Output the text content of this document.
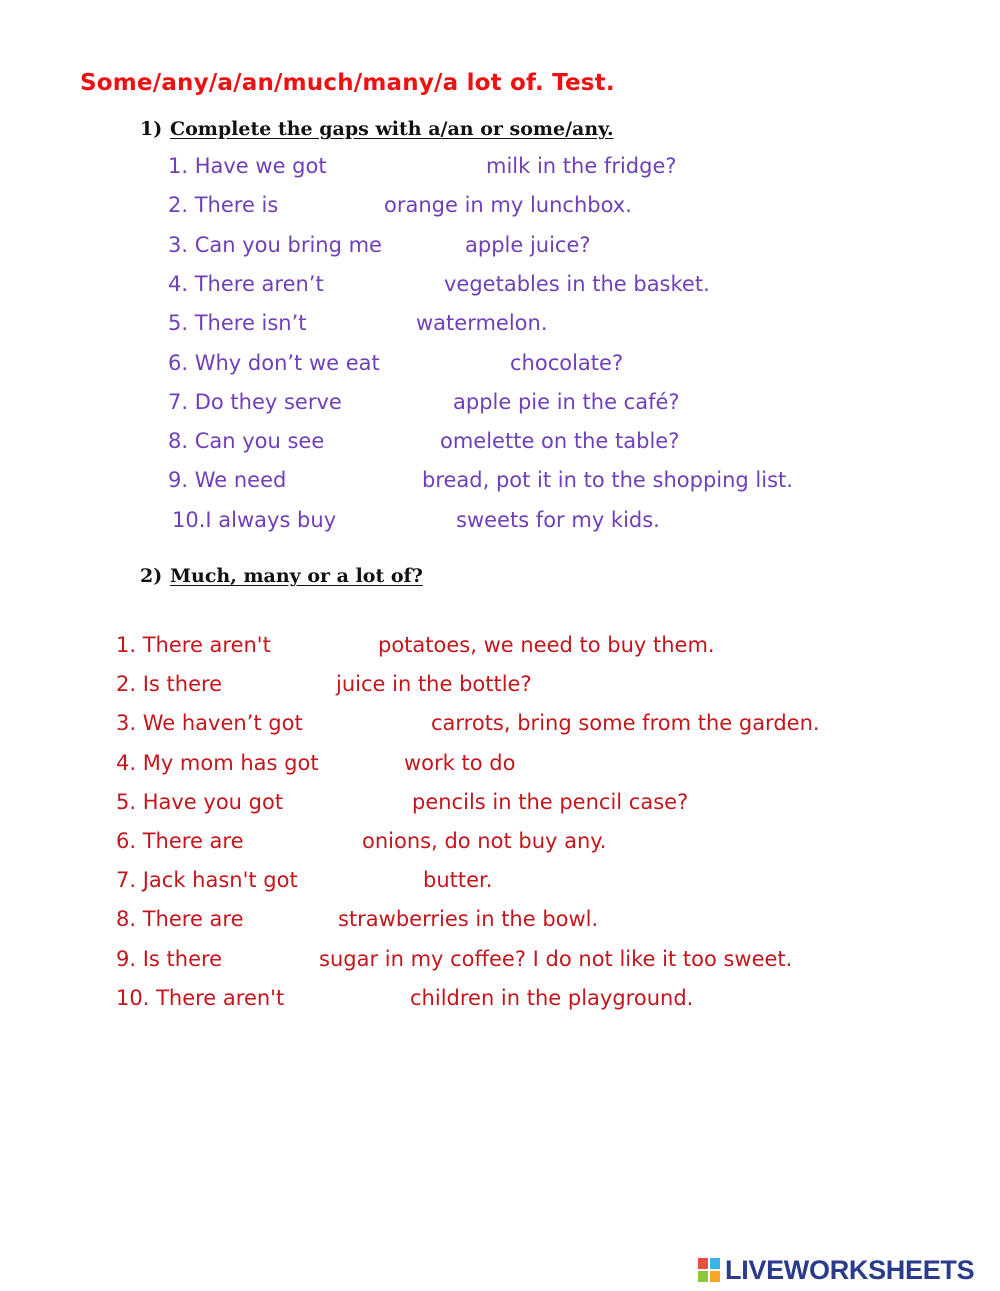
Some/any/a/an/much/many/a lot of. Test.
1) Complete the gaps with a/an or some/any.
1. Have we got	milk in the fridge?
2. There is	orange in my lunchbox.
3. Can you bring me	apple juice?
4. There aren’t	vegetables in the basket.
5. There isn’t	watermelon.
6. Why don’t we eat	chocolate?
7. Do they serve	apple pie in the café?
8. Can you see	omelette on the table?
9. We need	bread, pot it in to the shopping list.
10.I always buy	sweets for my kids.
2) Much, many or a lot of?
1. There aren't	potatoes, we need to buy them.
2. Is there	juice in the bottle?
3. We haven’t got	carrots, bring some from the garden.
4. My mom has got	work to do
5. Have you got	pencils in the pencil case?
6. There are	onions, do not buy any.
7. Jack hasn't got	butter.
8. There are	strawberries in the bowl.
9. Is there	sugar in my coffee? I do not like it too sweet.
10. There aren't	children in the playground.
LIVEWORKSHEETS
